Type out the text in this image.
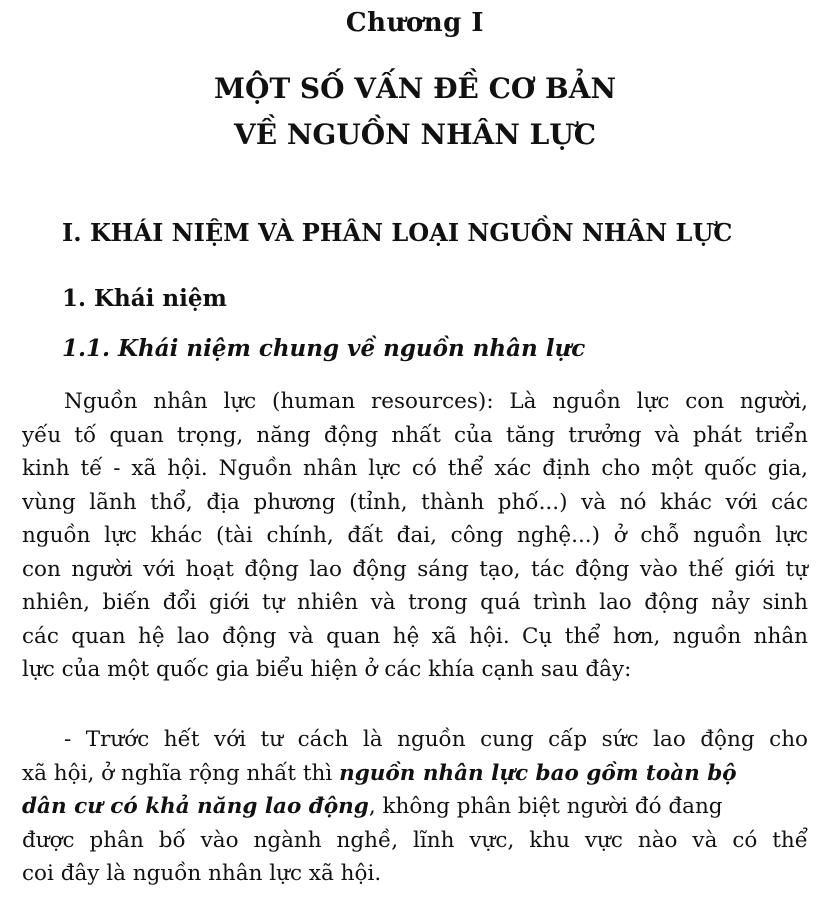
Chương I
MỘT SỐ VẤN ĐỀ CƠ BẢN
VỀ NGUỒN NHÂN LỰC
I. KHÁI NIỆM VÀ PHÂN LOẠI NGUỒN NHÂN LỰC
1. Khái niệm
1.1. Khái niệm chung về nguồn nhân lực
Nguồn nhân lực (human resources): Là nguồn lực con người,
yếu tố quan trọng, năng động nhất của tăng trưởng và phát triển
kinh tế - xã hội. Nguồn nhân lực có thể xác định cho một quốc gia,
vùng lãnh thổ, địa phương (tỉnh, thành phố...) và nó khác với các
nguồn lực khác (tài chính, đất đai, công nghệ...) ở chỗ nguồn lực
con người với hoạt động lao động sáng tạo, tác động vào thế giới tự
nhiên, biến đổi giới tự nhiên và trong quá trình lao động nảy sinh
các quan hệ lao động và quan hệ xã hội. Cụ thể hơn, nguồn nhân
lực của một quốc gia biểu hiện ở các khía cạnh sau đây:
- Trước hết với tư cách là nguồn cung cấp sức lao động cho
xã hội, ở nghĩa rộng nhất thì nguồn nhân lực bao gồm toàn bộ
dân cư có khả năng lao động, không phân biệt người đó đang
được phân bố vào ngành nghề, lĩnh vực, khu vực nào và có thể
coi đây là nguồn nhân lực xã hội.
